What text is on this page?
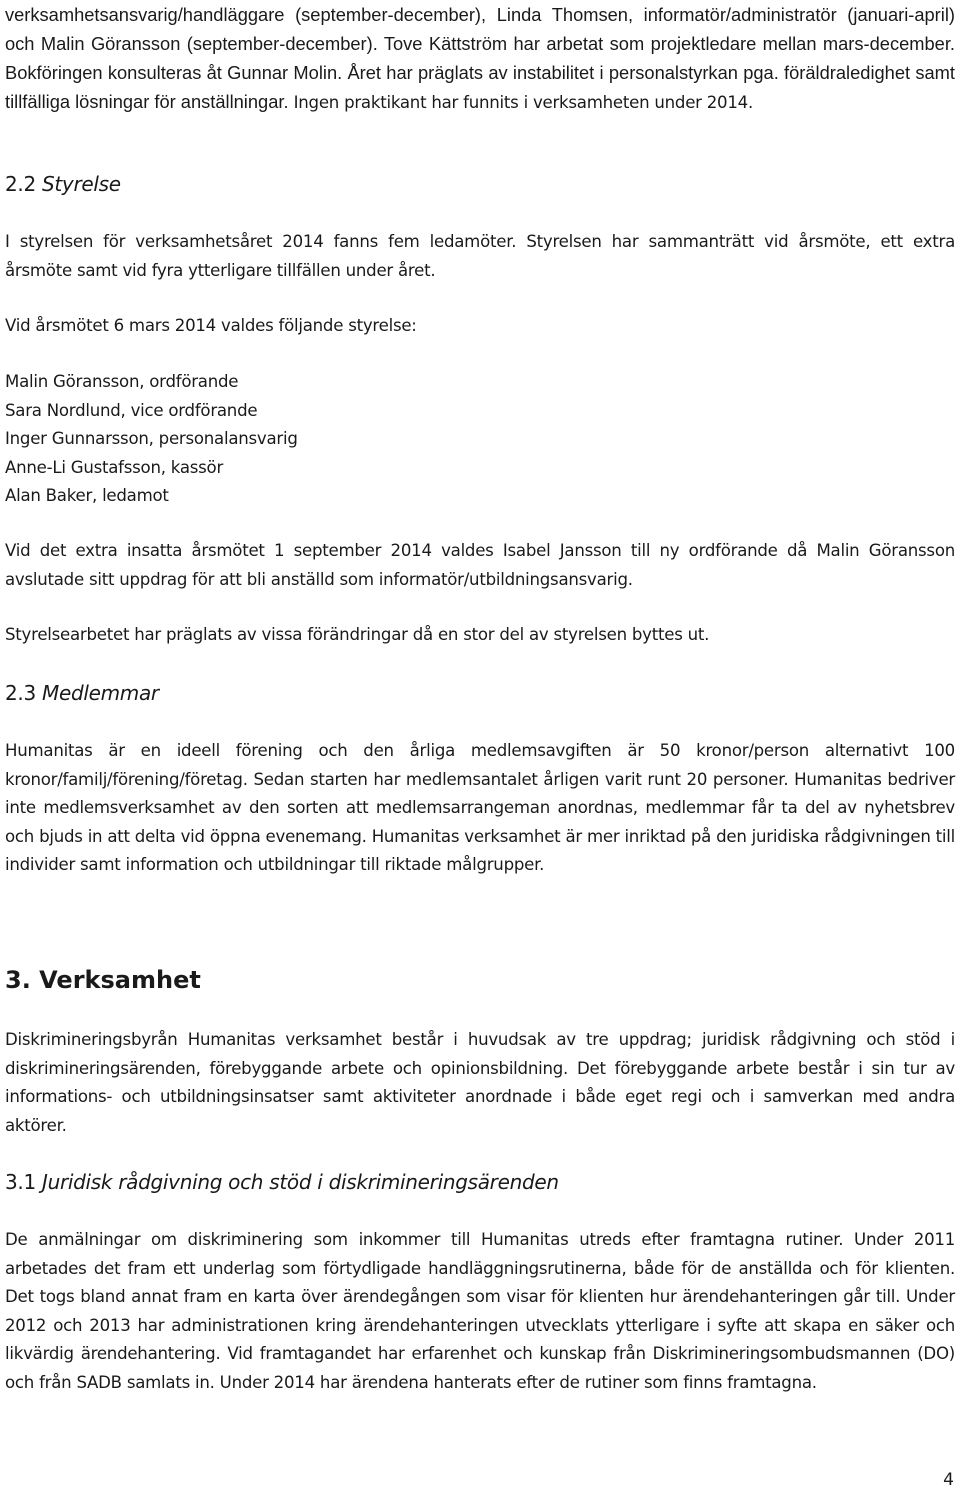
verksamhetsansvarig/handläggare (september-december), Linda Thomsen, informatör/administratör (januari-april) och Malin Göransson (september-december). Tove Kättström har arbetat som projektledare mellan mars-december. Bokföringen konsulteras åt Gunnar Molin. Året har präglats av instabilitet i personalstyrkan pga. föräldraledighet samt tillfälliga lösningar för anställningar. Ingen praktikant har funnits i verksamheten under 2014.

2.2 Styrelse

I styrelsen för verksamhetsåret 2014 fanns fem ledamöter. Styrelsen har sammanträtt vid årsmöte, ett extra årsmöte samt vid fyra ytterligare tillfällen under året.

Vid årsmötet 6 mars 2014 valdes följande styrelse:

Malin Göransson, ordförande

Sara Nordlund, vice ordförande

Inger Gunnarsson, personalansvarig

Anne-Li Gustafsson, kassör

Alan Baker, ledamot

Vid det extra insatta årsmötet 1 september 2014 valdes Isabel Jansson till ny ordförande då Malin Göransson avslutade sitt uppdrag för att bli anställd som informatör/utbildningsansvarig.

Styrelsearbetet har präglats av vissa förändringar då en stor del av styrelsen byttes ut.

2.3 Medlemmar

Humanitas är en ideell förening och den årliga medlemsavgiften är 50 kronor/person alternativt 100 kronor/familj/förening/företag. Sedan starten har medlemsantalet årligen varit runt 20 personer. Humanitas bedriver inte medlemsverksamhet av den sorten att medlemsarrangeman anordnas, medlemmar får ta del av nyhetsbrev och bjuds in att delta vid öppna evenemang. Humanitas verksamhet är mer inriktad på den juridiska rådgivningen till individer samt information och utbildningar till riktade målgrupper.

3. Verksamhet

Diskrimineringsbyrån Humanitas verksamhet består i huvudsak av tre uppdrag; juridisk rådgivning och stöd i diskrimineringsärenden, förebyggande arbete och opinionsbildning. Det förebyggande arbete består i sin tur av informations- och utbildningsinsatser samt aktiviteter anordnade i både eget regi och i samverkan med andra aktörer.

3.1 Juridisk rådgivning och stöd i diskrimineringsärenden

De anmälningar om diskriminering som inkommer till Humanitas utreds efter framtagna rutiner. Under 2011 arbetades det fram ett underlag som förtydligade handläggningsrutinerna, både för de anställda och för klienten. Det togs bland annat fram en karta över ärendegången som visar för klienten hur ärendehanteringen går till. Under 2012 och 2013 har administrationen kring ärendehanteringen utvecklats ytterligare i syfte att skapa en säker och likvärdig ärendehantering. Vid framtagandet har erfarenhet och kunskap från Diskrimineringsombudsmannen (DO) och från SADB samlats in. Under 2014 har ärendena hanterats efter de rutiner som finns framtagna.

4
